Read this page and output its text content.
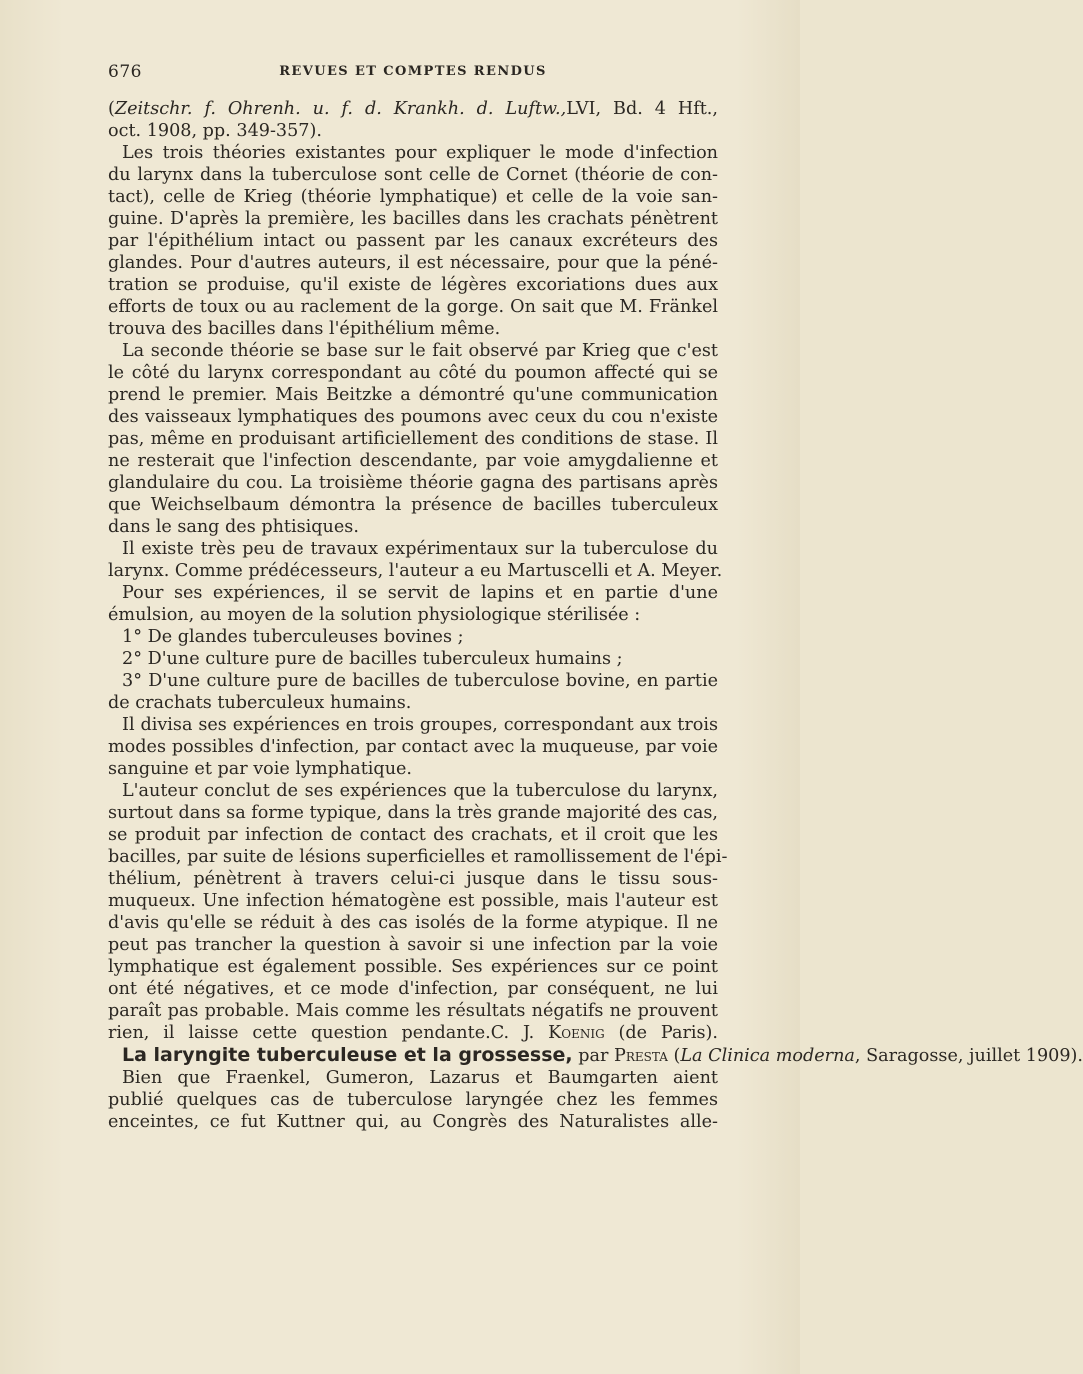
676	REVUES ET COMPTES RENDUS
(Zeitschr. f. Ohrenh. u. f. d. Krankh. d. Luftw.,LVI, Bd. 4 Hft.,
oct. 1908, pp. 349-357).
Les trois théories existantes pour expliquer le mode d'infection
du larynx dans la tuberculose sont celle de Cornet (théorie de con-
tact), celle de Krieg (théorie lymphatique) et celle de la voie san-
guine. D'après la première, les bacilles dans les crachats pénètrent
par l'épithélium intact ou passent par les canaux excréteurs des
glandes. Pour d'autres auteurs, il est nécessaire, pour que la péné-
tration se produise, qu'il existe de légères excoriations dues aux
efforts de toux ou au raclement de la gorge. On sait que M. Fränkel
trouva des bacilles dans l'épithélium même.
La seconde théorie se base sur le fait observé par Krieg que c'est
le côté du larynx correspondant au côté du poumon affecté qui se
prend le premier. Mais Beitzke a démontré qu'une communication
des vaisseaux lymphatiques des poumons avec ceux du cou n'existe
pas, même en produisant artificiellement des conditions de stase. Il
ne resterait que l'infection descendante, par voie amygdalienne et
glandulaire du cou. La troisième théorie gagna des partisans après
que Weichselbaum démontra la présence de bacilles tuberculeux
dans le sang des phtisiques.
Il existe très peu de travaux expérimentaux sur la tuberculose du
larynx. Comme prédécesseurs, l'auteur a eu Martuscelli et A. Meyer.
Pour ses expériences, il se servit de lapins et en partie d'une
émulsion, au moyen de la solution physiologique stérilisée :
1° De glandes tuberculeuses bovines ;
2° D'une culture pure de bacilles tuberculeux humains ;
3° D'une culture pure de bacilles de tuberculose bovine, en partie
de crachats tuberculeux humains.
Il divisa ses expériences en trois groupes, correspondant aux trois
modes possibles d'infection, par contact avec la muqueuse, par voie
sanguine et par voie lymphatique.
L'auteur conclut de ses expériences que la tuberculose du larynx,
surtout dans sa forme typique, dans la très grande majorité des cas,
se produit par infection de contact des crachats, et il croit que les
bacilles, par suite de lésions superficielles et ramollissement de l'épi-
thélium, pénètrent à travers celui-ci jusque dans le tissu sous-
muqueux. Une infection hématogène est possible, mais l'auteur est
d'avis qu'elle se réduit à des cas isolés de la forme atypique. Il ne
peut pas trancher la question à savoir si une infection par la voie
lymphatique est également possible. Ses expériences sur ce point
ont été négatives, et ce mode d'infection, par conséquent, ne lui
paraît pas probable. Mais comme les résultats négatifs ne prouvent
rien, il laisse cette question pendante.C. J. Koenig (de Paris).
La laryngite tuberculeuse et la grossesse, par Presta (La Clinica moderna, Saragosse, juillet 1909).
Bien que Fraenkel, Gumeron, Lazarus et Baumgarten aient
publié quelques cas de tuberculose laryngée chez les femmes
enceintes, ce fut Kuttner qui, au Congrès des Naturalistes alle-
